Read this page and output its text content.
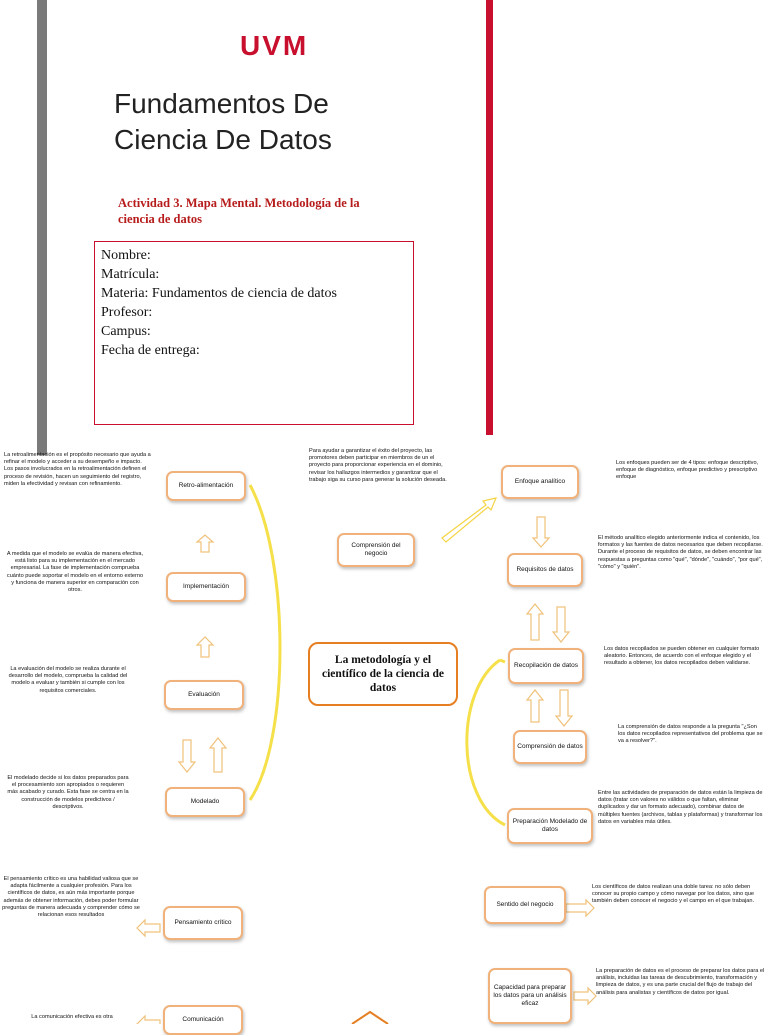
UVM
Fundamentos De
Ciencia De Datos
Actividad 3. Mapa Mental. Metodología de la ciencia de datos
Nombre:
Matrícula:
Materia: Fundamentos de ciencia de datos
Profesor:
Campus:
Fecha de entrega:
La metodología y el científico de la ciencia de datos
Retro-alimentación
Implementación
Evaluación
Modelado
Pensamiento crítico
Comunicación
Comprensión del negocio
Enfoque analítico
Requisitos de datos
Recopilación de datos
Comprensión de datos
Preparación Modelado de datos
Sentido del negocio
Capacidad para preparar los datos para un análisis eficaz
La retroalimentación es el propósito necesario que ayuda a refinar el modelo y acceder a su desempeño e impacto. Los pasos involucrados en la retroalimentación definen el proceso de revisión, hacen un seguimiento del registro, miden la efectividad y revisan con refinamiento.
A medida que el modelo se evalúa de manera efectiva, está listo para su implementación en el mercado empresarial. La fase de implementación comprueba cuánto puede soportar el modelo en el entorno externo y funciona de manera superior en comparación con otros.
La evaluación del modelo se realiza durante el desarrollo del modelo, comprueba la calidad del modelo a evaluar y también si cumple con los requisitos comerciales.
El modelado decide si los datos preparados para el procesamiento son apropiados o requieren más acabado y curado. Esta fase se centra en la construcción de modelos predictivos / descriptivos.
El pensamiento crítico es una habilidad valiosa que se adapta fácilmente a cualquier profesión. Para los científicos de datos, es aún más importante porque además de obtener información, debes poder formular preguntas de manera adecuada y comprender cómo se relacionan esos resultados
La comunicación efectiva es otra
Para ayudar a garantizar el éxito del proyecto, las promotores deben participar en miembros de un el proyecto para proporcionar experiencia en el dominio, revisar los hallazgos intermedios y garantizar que el trabajo siga su curso para generar la solución deseada.
Los enfoques pueden ser de 4 tipos: enfoque descriptivo, enfoque de diagnóstico, enfoque predictivo y prescriptivo enfoque
El método analítico elegido anteriormente indica el contenido, los formatos y las fuentes de datos necesarios que deben recopilarse. Durante el proceso de requisitos de datos, se deben encontrar las respuestas a preguntas como "qué", "dónde", "cuándo", "por qué", "cómo" y "quién".
Los datos recopilados se pueden obtener en cualquier formato aleatorio. Entonces, de acuerdo con el enfoque elegido y el resultado a obtener, los datos recopilados deben validarse.
La comprensión de datos responde a la pregunta "¿Son los datos recopilados representativos del problema que se va a resolver?".
Entre las actividades de preparación de datos están la limpieza de datos (tratar con valores no válidos o que faltan, eliminar duplicados y dar un formato adecuado), combinar datos de múltiples fuentes (archivos, tablas y plataformas) y transformar los datos en variables más útiles.
Los científicos de datos realizan una doble tarea: no sólo deben conocer su propio campo y cómo navegar por los datos, sino que también deben conocer el negocio y el campo en el que trabajan.
La preparación de datos es el proceso de preparar los datos para el análisis, incluidas las tareas de descubrimiento, transformación y limpieza de datos, y es una parte crucial del flujo de trabajo del análisis para analistas y científicos de datos por igual.
